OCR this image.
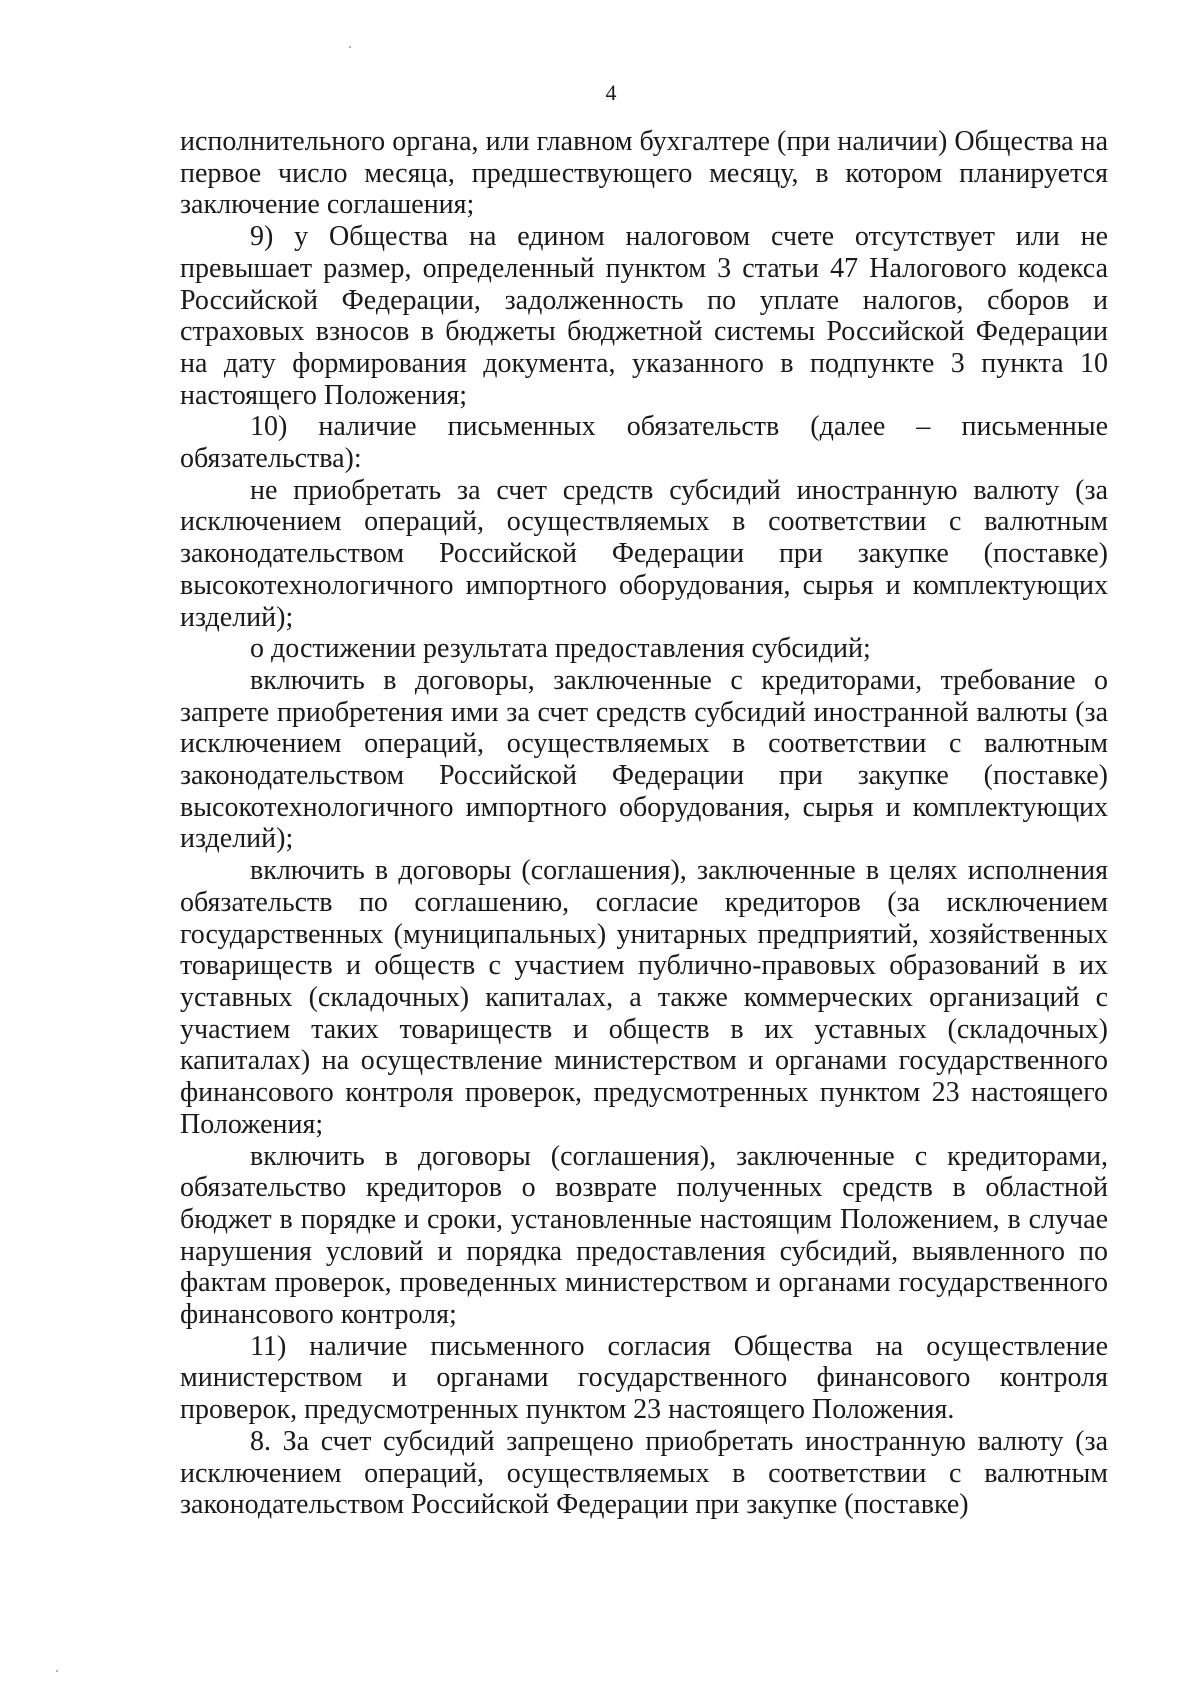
4

исполнительного органа, или главном бухгалтере (при наличии) Общества на первое число месяца, предшествующего месяцу, в котором планируется заключение соглашения;

9) у Общества на едином налоговом счете отсутствует или не превышает размер, определенный пунктом 3 статьи 47 Налогового кодекса Российской Федерации, задолженность по уплате налогов, сборов и страховых взносов в бюджеты бюджетной системы Российской Федерации на дату формирования документа, указанного в подпункте 3 пункта 10 настоящего Положения;

10) наличие письменных обязательств (далее – письменные обязательства):

не приобретать за счет средств субсидий иностранную валюту (за исключением операций, осуществляемых в соответствии с валютным законодательством Российской Федерации при закупке (поставке) высокотехнологичного импортного оборудования, сырья и комплектующих изделий);

о достижении результата предоставления субсидий;

включить в договоры, заключенные с кредиторами, требование о запрете приобретения ими за счет средств субсидий иностранной валюты (за исключением операций, осуществляемых в соответствии с валютным законодательством Российской Федерации при закупке (поставке) высокотехнологичного импортного оборудования, сырья и комплектующих изделий);

включить в договоры (соглашения), заключенные в целях исполнения обязательств по соглашению, согласие кредиторов (за исключением государственных (муниципальных) унитарных предприятий, хозяйственных товариществ и обществ с участием публично-правовых образований в их уставных (складочных) капиталах, а также коммерческих организаций с участием таких товариществ и обществ в их уставных (складочных) капиталах) на осуществление министерством и органами государственного финансового контроля проверок, предусмотренных пунктом 23 настоящего Положения;

включить в договоры (соглашения), заключенные с кредиторами, обязательство кредиторов о возврате полученных средств в областной бюджет в порядке и сроки, установленные настоящим Положением, в случае нарушения условий и порядка предоставления субсидий, выявленного по фактам проверок, проведенных министерством и органами государственного финансового контроля;

11) наличие письменного согласия Общества на осуществление министерством и органами государственного финансового контроля проверок, предусмотренных пунктом 23 настоящего Положения.

8. За счет субсидий запрещено приобретать иностранную валюту (за исключением операций, осуществляемых в соответствии с валютным законодательством Российской Федерации при закупке (поставке)
